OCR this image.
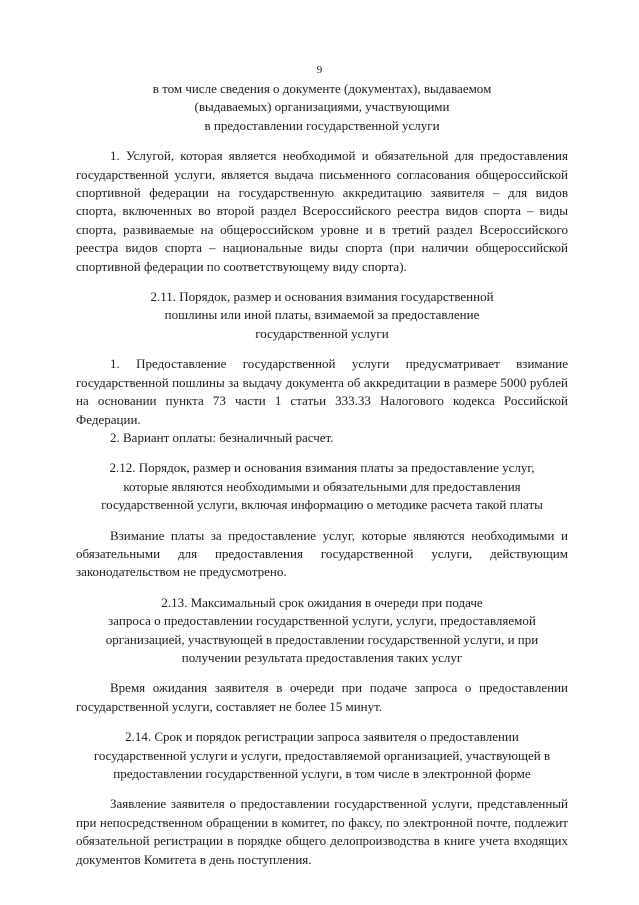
9

в том числе сведения о документе (документах), выдаваемом
(выдаваемых) организациями, участвующими
в предоставлении государственной услуги

1. Услугой, которая является необходимой и обязательной для предоставления государственной услуги, является выдача письменного согласования общероссийской спортивной федерации на государственную аккредитацию заявителя – для видов спорта, включенных во второй раздел Всероссийского реестра видов спорта – виды спорта, развиваемые на общероссийском уровне и в третий раздел Всероссийского реестра видов спорта – национальные виды спорта (при наличии общероссийской спортивной федерации по соответствующему виду спорта).

2.11. Порядок, размер и основания взимания государственной
пошлины или иной платы, взимаемой за предоставление
государственной услуги

1. Предоставление государственной услуги предусматривает взимание государственной пошлины за выдачу документа об аккредитации в размере 5000 рублей на основании пункта 73 части 1 статьи 333.33 Налогового кодекса Российской Федерации.

2. Вариант оплаты: безналичный расчет.

2.12. Порядок, размер и основания взимания платы за предоставление услуг,
которые являются необходимыми и обязательными для предоставления
государственной услуги, включая информацию о методике расчета такой платы

Взимание платы за предоставление услуг, которые являются необходимыми и обязательными для предоставления государственной услуги, действующим законодательством не предусмотрено.

2.13. Максимальный срок ожидания в очереди при подаче
запроса о предоставлении государственной услуги, услуги, предоставляемой
организацией, участвующей в предоставлении государственной услуги, и при
получении результата предоставления таких услуг

Время ожидания заявителя в очереди при подаче запроса о предоставлении государственной услуги, составляет не более 15 минут.

2.14. Срок и порядок регистрации запроса заявителя о предоставлении
государственной услуги и услуги, предоставляемой организацией, участвующей в
предоставлении государственной услуги, в том числе в электронной форме

Заявление заявителя о предоставлении государственной услуги, представленный при непосредственном обращении в комитет, по факсу, по электронной почте, подлежит обязательной регистрации в порядке общего делопроизводства в книге учета входящих документов Комитета в день поступления.
